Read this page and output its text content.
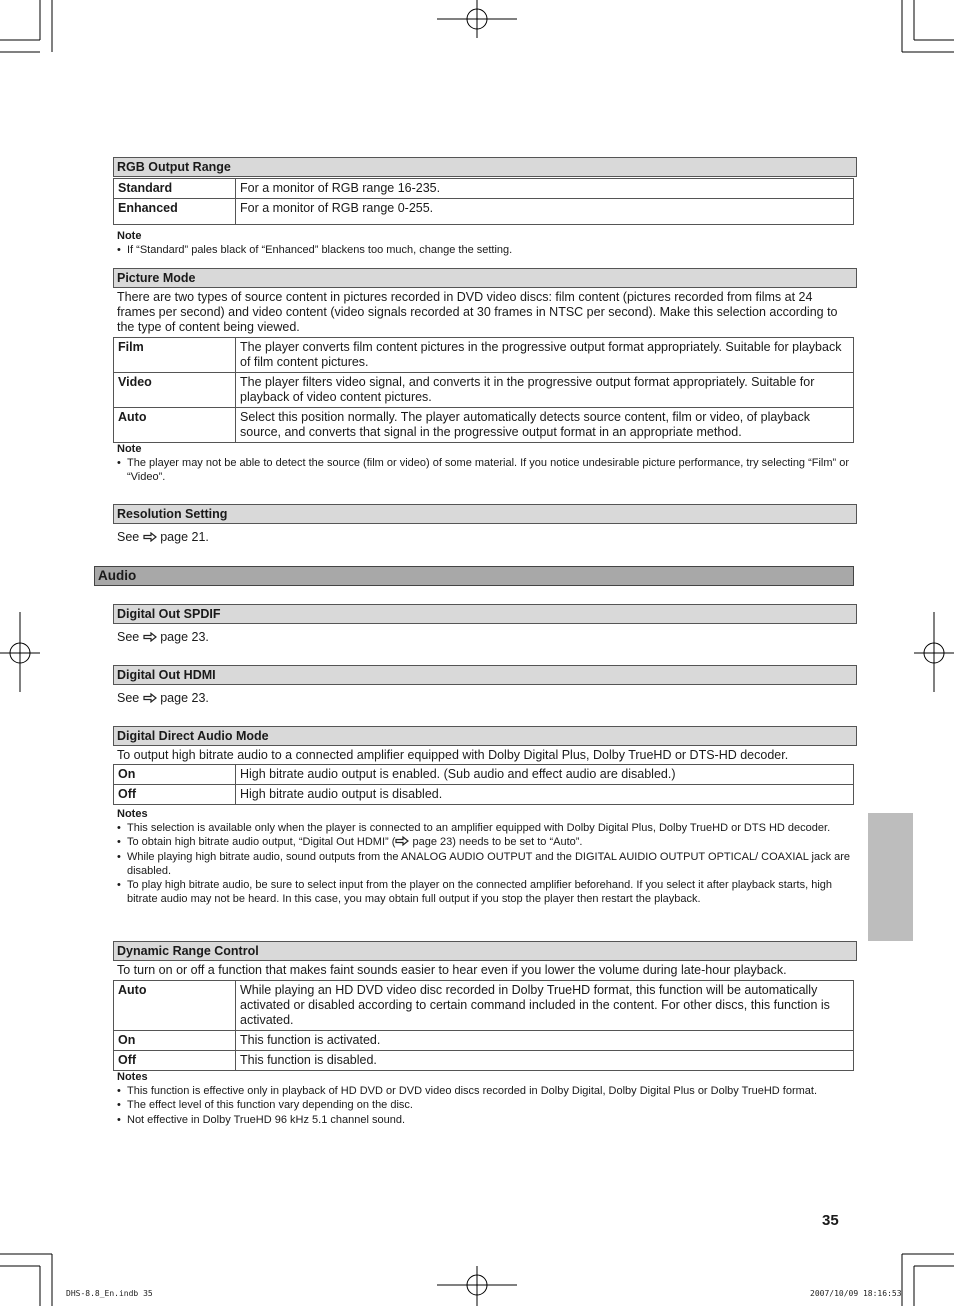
RGB Output Range
Standard	For a monitor of RGB range 16-235.
Enhanced	For a monitor of RGB range 0-255.
Note
• If “Standard” pales black of “Enhanced” blackens too much, change the setting.
Picture Mode
There are two types of source content in pictures recorded in DVD video discs: film content (pictures recorded from films at 24 frames per second) and video content (video signals recorded at 30 frames in NTSC per second). Make this selection according to the type of content being viewed.
Film	The player converts film content pictures in the progressive output format appropriately. Suitable for playback of film content pictures.
Video	The player filters video signal, and converts it in the progressive output format appropriately. Suitable for playback of video content pictures.
Auto	Select this position normally. The player automatically detects source content, film or video, of playback source, and converts that signal in the progressive output format in an appropriate method.
Note
• The player may not be able to detect the source (film or video) of some material. If you notice undesirable picture performance, try selecting “Film” or “Video”.
Resolution Setting
See page 21.
Audio
Digital Out SPDIF
See page 23.
Digital Out HDMI
See page 23.
Digital Direct Audio Mode
To output high bitrate audio to a connected amplifier equipped with Dolby Digital Plus, Dolby TrueHD or DTS-HD decoder.
On	High bitrate audio output is enabled. (Sub audio and effect audio are disabled.)
Off	High bitrate audio output is disabled.
Notes
• This selection is available only when the player is connected to an amplifier equipped with Dolby Digital Plus, Dolby TrueHD or DTS HD decoder.
• To obtain high bitrate audio output, “Digital Out HDMI” ( page 23) needs to be set to “Auto”.
• While playing high bitrate audio, sound outputs from the ANALOG AUDIO OUTPUT and the DIGITAL AUIDIO OUTPUT OPTICAL/ COAXIAL jack are disabled.
• To play high bitrate audio, be sure to select input from the player on the connected amplifier beforehand. If you select it after playback starts, high bitrate audio may not be heard. In this case, you may obtain full output if you stop the player then restart the playback.
Dynamic Range Control
To turn on or off a function that makes faint sounds easier to hear even if you lower the volume during late-hour playback.
Auto	While playing an HD DVD video disc recorded in Dolby TrueHD format, this function will be automatically activated or disabled according to certain command included in the content. For other discs, this function is activated.
On	This function is activated.
Off	This function is disabled.
Notes
• This function is effective only in playback of HD DVD or DVD video discs recorded in Dolby Digital, Dolby Digital Plus or Dolby TrueHD format.
• The effect level of this function vary depending on the disc.
• Not effective in Dolby TrueHD 96 kHz 5.1 channel sound.
35
DHS-8.8_En.indb 35	2007/10/09 18:16:53
